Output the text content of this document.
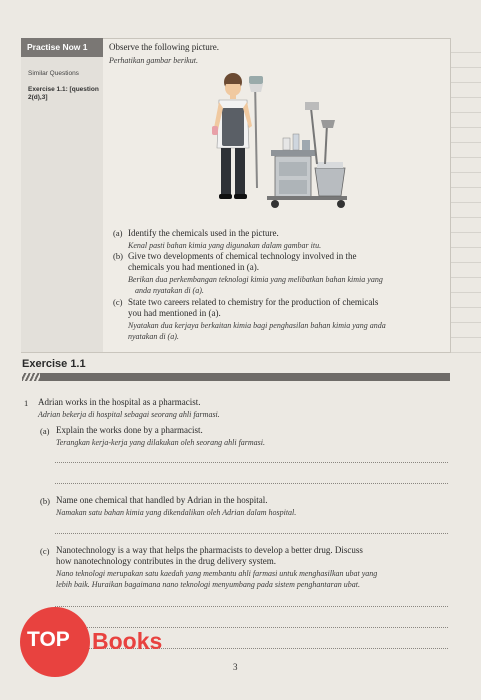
Practise Now 1
Similar Questions
Exercise 1.1: [question 2(d),3]
Observe the following picture.
Perhatikan gambar berikut.
(a) Identify the chemicals used in the picture.
Kenal pasti bahan kimia yang digunakan dalam gambar itu.
(b) Give two developments of chemical technology involved in the
chemicals you had mentioned in (a).
Berikan dua perkembangan teknologi kimia yang melibatkan bahan kimia yang
anda nyatakan di (a).
(c) State two careers related to chemistry for the production of chemicals
you had mentioned in (a).
Nyatakan dua kerjaya berkaitan kimia bagi penghasilan bahan kimia yang anda
nyatakan di (a).
Exercise 1.1
1 Adrian works in the hospital as a pharmacist.
Adrian bekerja di hospital sebagai seorang ahli farmasi.
(a) Explain the works done by a pharmacist.
Terangkan kerja-kerja yang dilakukan oleh seorang ahli farmasi.
(b) Name one chemical that handled by Adrian in the hospital.
Namakan satu bahan kimia yang dikendalikan oleh Adrian dalam hospital.
(c) Nanotechnology is a way that helps the pharmacists to develop a better drug. Discuss
how nanotechnology contributes in the drug delivery system.
Nano teknologi merupakan satu kaedah yang membantu ahli farmasi untuk menghasilkan ubat yang
lebih baik. Huraikan bagaimana nano teknologi menyumbang pada sistem penghantaran ubat.
TOP Books
3
